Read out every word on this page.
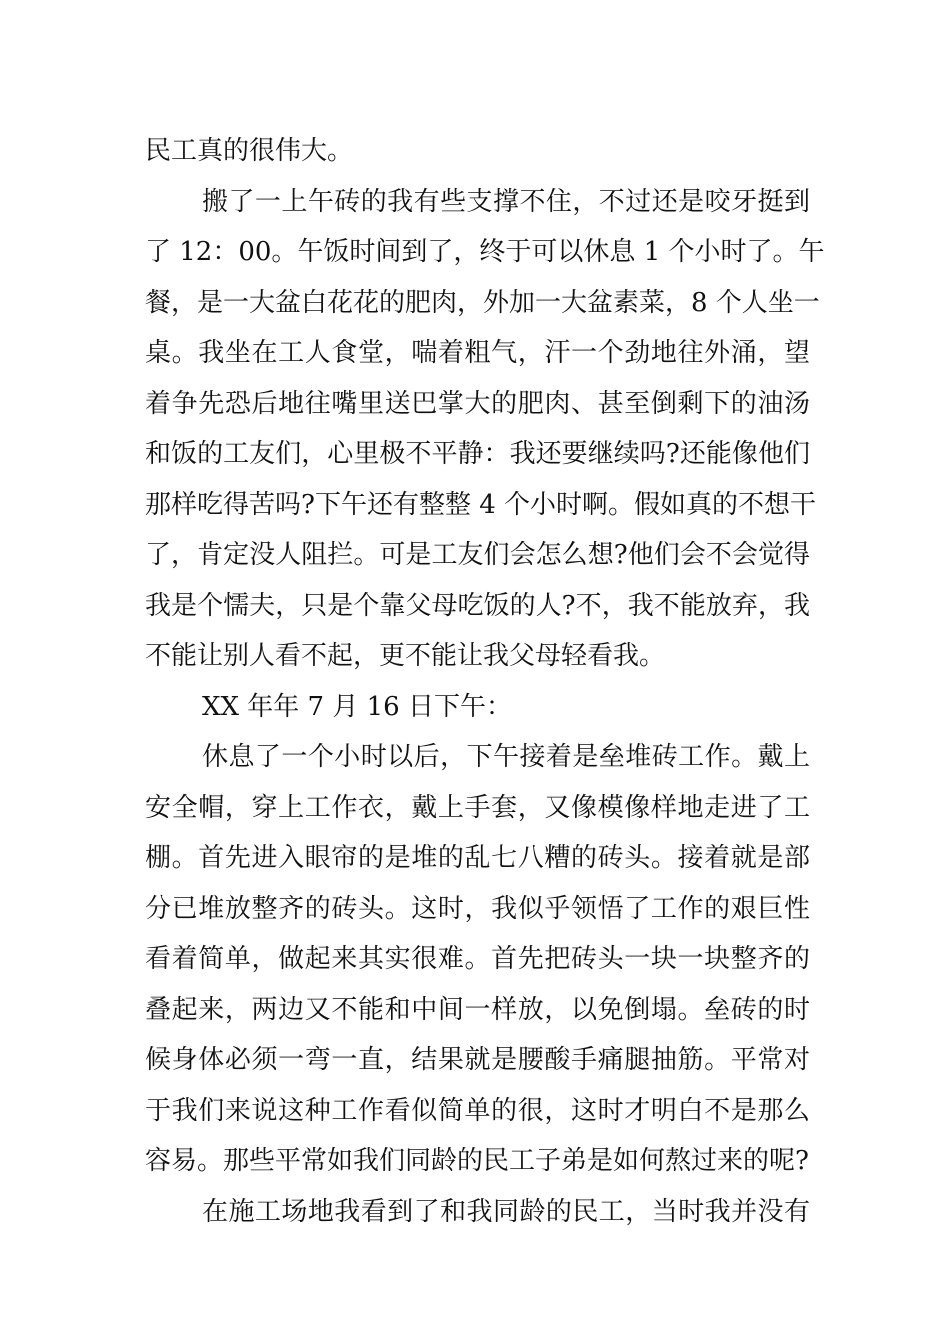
民工真的很伟大。
搬了一上午砖的我有些支撑不住，不过还是咬牙挺到
了 12：00。午饭时间到了，终于可以休息 1 个小时了。午
餐，是一大盆白花花的肥肉，外加一大盆素菜，8 个人坐一
桌。我坐在工人食堂，喘着粗气，汗一个劲地往外涌，望
着争先恐后地往嘴里送巴掌大的肥肉、甚至倒剩下的油汤
和饭的工友们，心里极不平静：我还要继续吗?还能像他们
那样吃得苦吗?下午还有整整 4 个小时啊。假如真的不想干
了，肯定没人阻拦。可是工友们会怎么想?他们会不会觉得
我是个懦夫，只是个靠父母吃饭的人?不，我不能放弃，我
不能让别人看不起，更不能让我父母轻看我。
XX 年年 7 月 16 日下午：
休息了一个小时以后，下午接着是垒堆砖工作。戴上
安全帽，穿上工作衣，戴上手套，又像模像样地走进了工
棚。首先进入眼帘的是堆的乱七八糟的砖头。接着就是部
分已堆放整齐的砖头。这时，我似乎领悟了工作的艰巨性
看着简单，做起来其实很难。首先把砖头一块一块整齐的
叠起来，两边又不能和中间一样放，以免倒塌。垒砖的时
候身体必须一弯一直，结果就是腰酸手痛腿抽筋。平常对
于我们来说这种工作看似简单的很，这时才明白不是那么
容易。那些平常如我们同龄的民工子弟是如何熬过来的呢?
在施工场地我看到了和我同龄的民工，当时我并没有
